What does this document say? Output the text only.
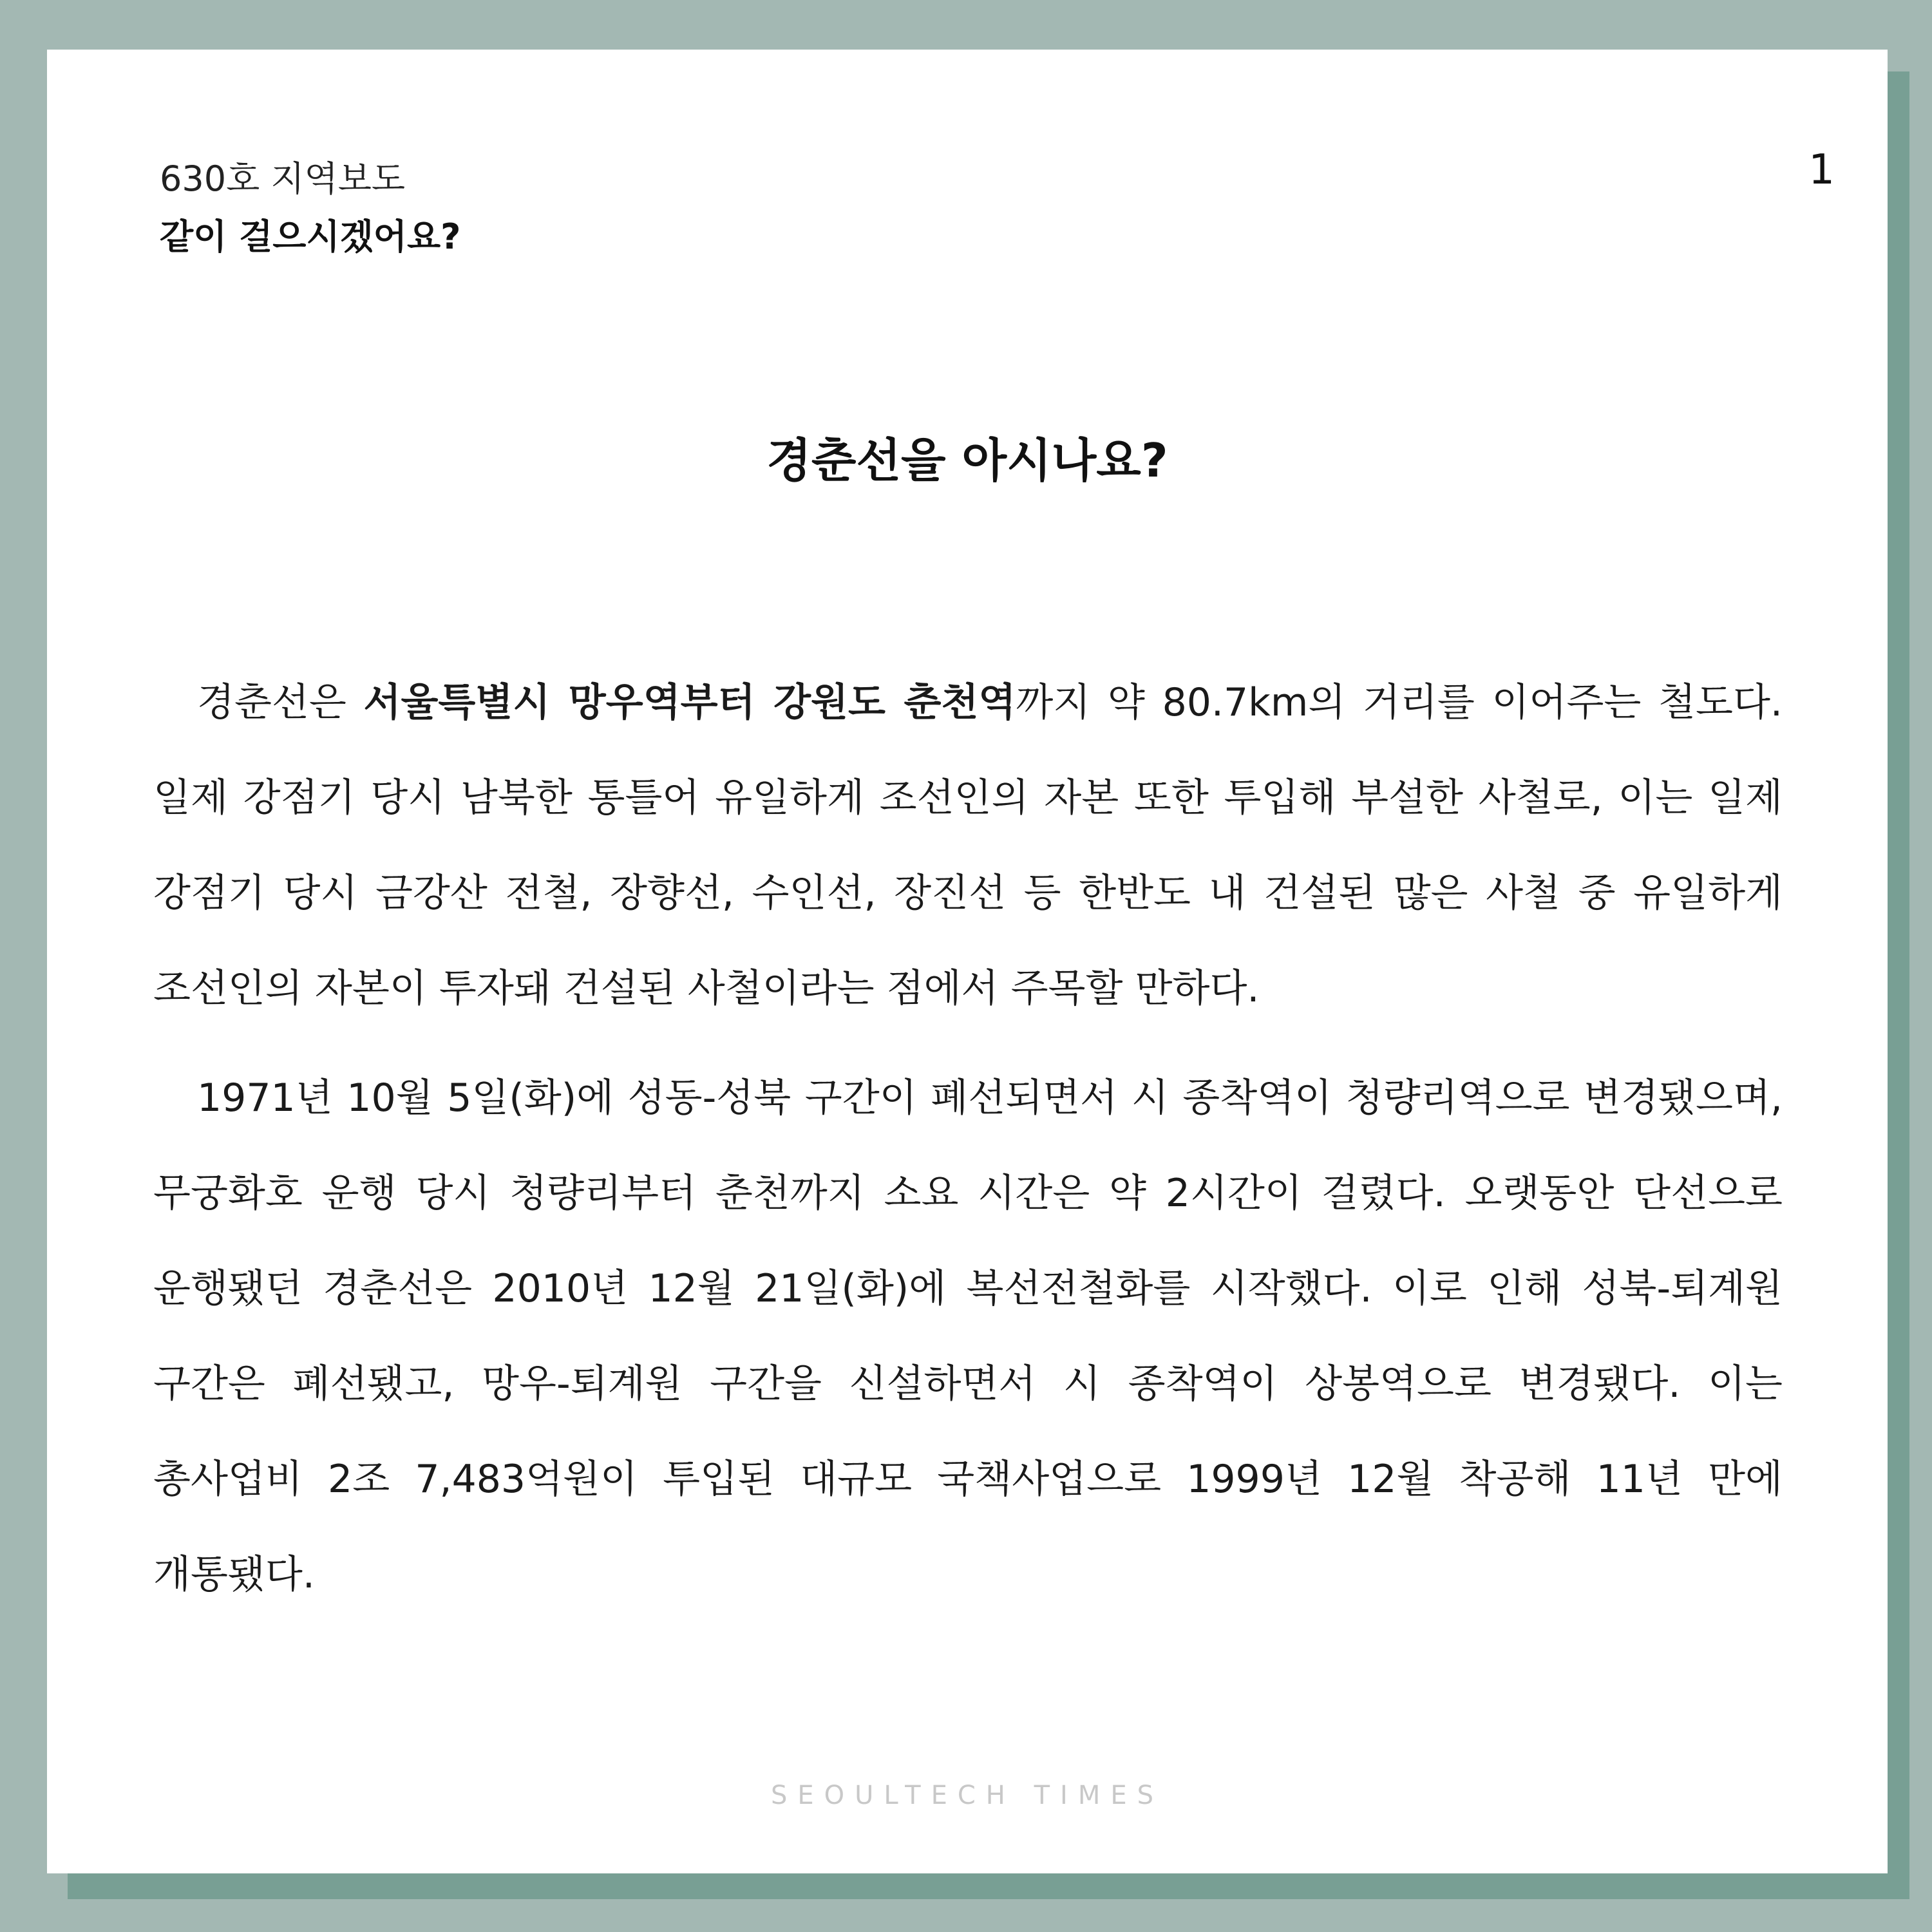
630호 지역보도
같이 걸으시겠어요?
1
경춘선을 아시나요?

경춘선은 서울특별시 망우역부터 강원도 춘천역까지 약 80.7km의 거리를 이어주는 철도다. 일제 강점기 당시 남북한 통틀어 유일하게 조선인의 자본 또한 투입해 부설한 사철로, 이는 일제 강점기 당시 금강산 전철, 장향선, 수인선, 장진선 등 한반도 내 건설된 많은 사철 중 유일하게 조선인의 자본이 투자돼 건설된 사철이라는 점에서 주목할 만하다.

1971년 10월 5일(화)에 성동-성북 구간이 폐선되면서 시 종착역이 청량리역으로 변경됐으며, 무궁화호 운행 당시 청량리부터 춘천까지 소요 시간은 약 2시간이 걸렸다. 오랫동안 단선으로 운행됐던 경춘선은 2010년 12월 21일(화)에 복선전철화를 시작했다. 이로 인해 성북-퇴계원 구간은 폐선됐고, 망우-퇴계원 구간을 신설하면서 시 종착역이 상봉역으로 변경됐다. 이는 총사업비 2조 7,483억원이 투입된 대규모 국책사업으로 1999년 12월 착공해 11년 만에 개통됐다.

SEOULTECH TIMES
